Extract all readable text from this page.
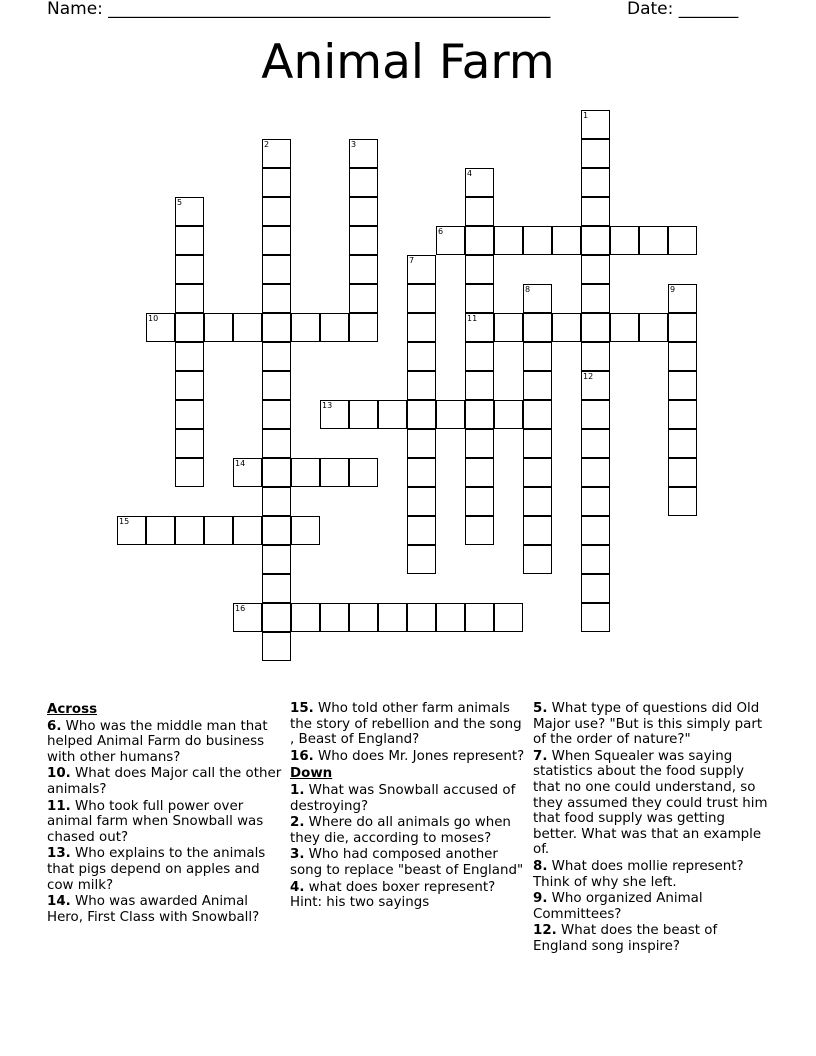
Name: ____________________________________________________	Date: _______
Animal Farm
1
12
2	3
4
11
5
6
7
8	9
10
13
14
15
16
Across
6. Who was the middle man that helped Animal Farm do business with other humans?
10. What does Major call the other animals?
11. Who took full power over animal farm when Snowball was chased out?
13. Who explains to the animals that pigs depend on apples and cow milk?
14. Who was awarded Animal Hero, First Class with Snowball?
15. Who told other farm animals the story of rebellion and the song , Beast of England?
16. Who does Mr. Jones represent?
Down
1. What was Snowball accused of destroying?
2. Where do all animals go when they die, according to moses?
3. Who had composed another song to replace "beast of England"
4. what does boxer represent? Hint: his two sayings
5. What type of questions did Old Major use? "But is this simply part of the order of nature?"
7. When Squealer was saying statistics about the food supply that no one could understand, so they assumed they could trust him that food supply was getting better. What was that an example of.
8. What does mollie represent? Think of why she left.
9. Who organized Animal Committees?
12. What does the beast of England song inspire?
